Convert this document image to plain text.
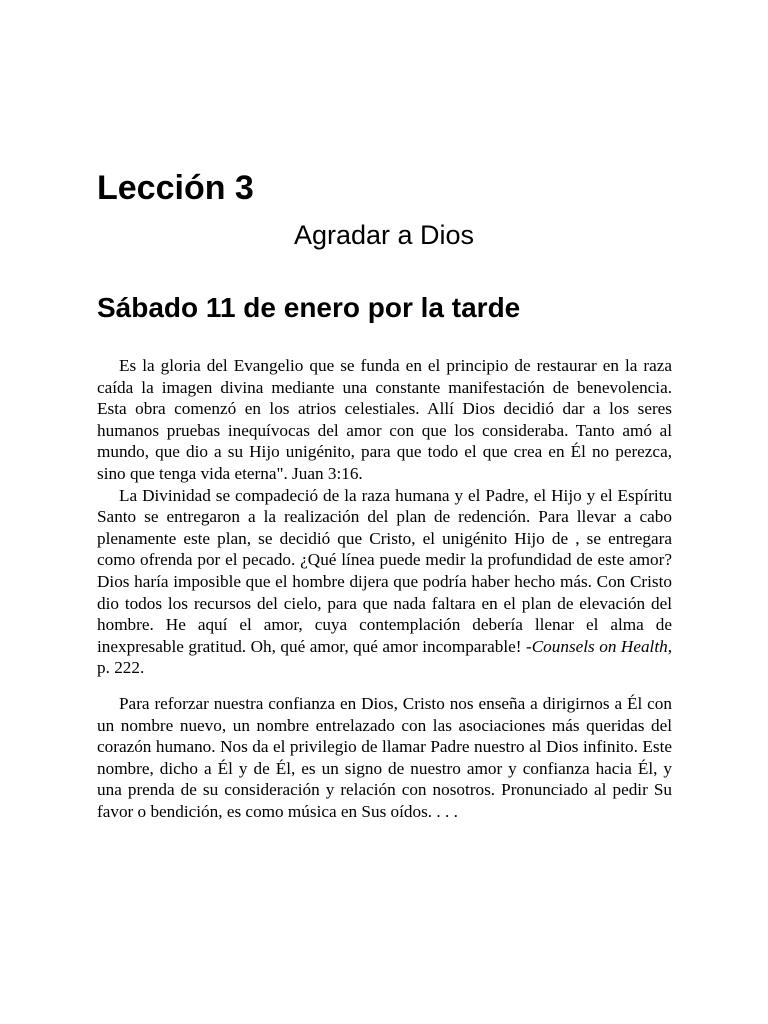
Lección 3
Agradar a Dios
Sábado 11 de enero por la tarde

Es la gloria del Evangelio que se funda en el principio de restaurar en la raza caída la imagen divina mediante una constante manifestación de benevolencia. Esta obra comenzó en los atrios celestiales. Allí Dios decidió dar a los seres humanos pruebas inequívocas del amor con que los consideraba. Tanto amó al mundo, que dio a su Hijo unigénito, para que todo el que crea en Él no perezca, sino que tenga vida eterna". Juan 3:16.

La Divinidad se compadeció de la raza humana y el Padre, el Hijo y el Espíritu Santo se entregaron a la realización del plan de redención. Para llevar a cabo plenamente este plan, se decidió que Cristo, el unigénito Hijo de , se entregara como ofrenda por el pecado. ¿Qué línea puede medir la profundidad de este amor? Dios haría imposible que el hombre dijera que podría haber hecho más. Con Cristo dio todos los recursos del cielo, para que nada faltara en el plan de elevación del hombre. He aquí el amor, cuya contemplación debería llenar el alma de inexpresable gratitud. Oh, qué amor, qué amor incomparable! -Counsels on Health, p. 222.

Para reforzar nuestra confianza en Dios, Cristo nos enseña a dirigirnos a Él con un nombre nuevo, un nombre entrelazado con las asociaciones más queridas del corazón humano. Nos da el privilegio de llamar Padre nuestro al Dios infinito. Este nombre, dicho a Él y de Él, es un signo de nuestro amor y confianza hacia Él, y una prenda de su consideración y relación con nosotros. Pronunciado al pedir Su favor o bendición, es como música en Sus oídos. . . .
